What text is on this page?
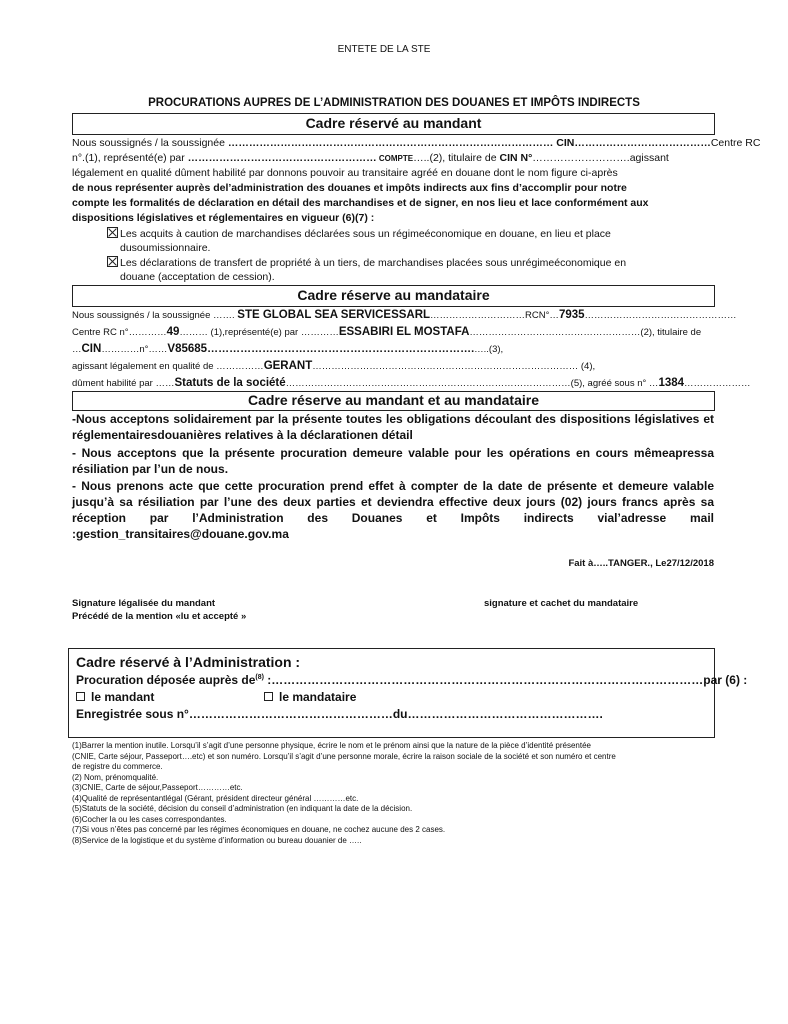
ENTETE DE LA STE
PROCURATIONS AUPRES DE L’ADMINISTRATION DES DOUANES ET IMPÔTS INDIRECTS
Cadre réservé au mandant
Nous soussignés / la soussignée ………………………………………………………………………………… CIN…………………………………Centre RC
n°.(1), représenté(e) par ……………………………………………… COMPTE…..(2), titulaire de CIN N°……………………….agissant
légalement en qualité dûment habilité par donnons pouvoir au transitaire agréé en douane dont le nom figure ci-après
de nous représenter auprès del’administration des douanes et impôts indirects aux fins d’accomplir pour notre
compte les formalités de déclaration en détail des marchandises et de signer, en nos lieu et lace conformément aux
dispositions législatives et réglementaires en vigueur (6)(7) :
Les acquits à caution de marchandises déclarées sous un régimeéconomique en douane, en lieu et place
dusoumissionnaire.
Les déclarations de transfert de propriété à un tiers, de marchandises placées sous unrégimeéconomique en
douane (acceptation de cession).
Cadre réserve au mandataire
Nous soussignés / la soussignée ……. STE GLOBAL SEA SERVICESSARL…………………………RCN°…7935…………………………………………
Centre RC n°…………49……… (1),représenté(e) par …………ESSABIRI EL MOSTAFA………………………………………………(2), titulaire de
…CIN…………n°……V85685……………………………………………………………….…..(3),
agissant légalement en qualité de ……………GERANT………………………………………………………………………… (4),
dûment habilité par ……Statuts de la société………………………………………………………………………………(5), agréé sous n° …1384…………………
Cadre réserve au mandant et au mandataire
-Nous acceptons solidairement par la présente toutes les obligations découlant des dispositions législatives et réglementairesdouanières relatives à la déclarationen détail
- Nous acceptons que la présente procuration demeure valable pour les opérations en cours mêmeapressa résiliation par l’un de nous.
- Nous prenons acte que cette procuration prend effet à compter de la date de présente et demeure valable jusqu’à sa résiliation par l’une des deux parties et deviendra effective deux jours (02) jours francs après sa réception par l’Administration des Douanes et Impôts indirects vial’adresse mail :gestion_transitaires@douane.gov.ma
Fait à…..TANGER., Le27/12/2018
Signature légalisée du mandant
Précédé de la mention «lu et accepté »
signature et cachet du mandataire
Cadre réservé à l’Administration :
Procuration déposée auprès $de^{(8)}$ :………………………………………………………………………………………………par (6) :
le mandant	le mandataire
Enregistrée sous n°……………………………………………du………………………………………….
(1)Barrer la mention inutile. Lorsqu’il s’agit d’une personne physique, écrire le nom et le prénom ainsi que la nature de la pièce d’identité présentée
(CNIE, Carte séjour, Passeport….etc) et son numéro. Lorsqu’il s’agit d’une personne morale, écrire la raison sociale de la société et son numéro et centre
de registre du commerce.
(2) Nom, prénomqualité.
(3)CNIE, Carte de séjour,Passeport…………etc.
(4)Qualité de représentantlégal (Gérant, président directeur général …………etc.
(5)Statuts de la société, décision du conseil d’administration (en indiquant la date de la décision.
(6)Cocher la ou les cases correspondantes.
(7)Si vous n’êtes pas concerné par les régimes économiques en douane, ne cochez aucune des 2 cases.
(8)Service de la logistique et du système d’information ou bureau douanier de …..
